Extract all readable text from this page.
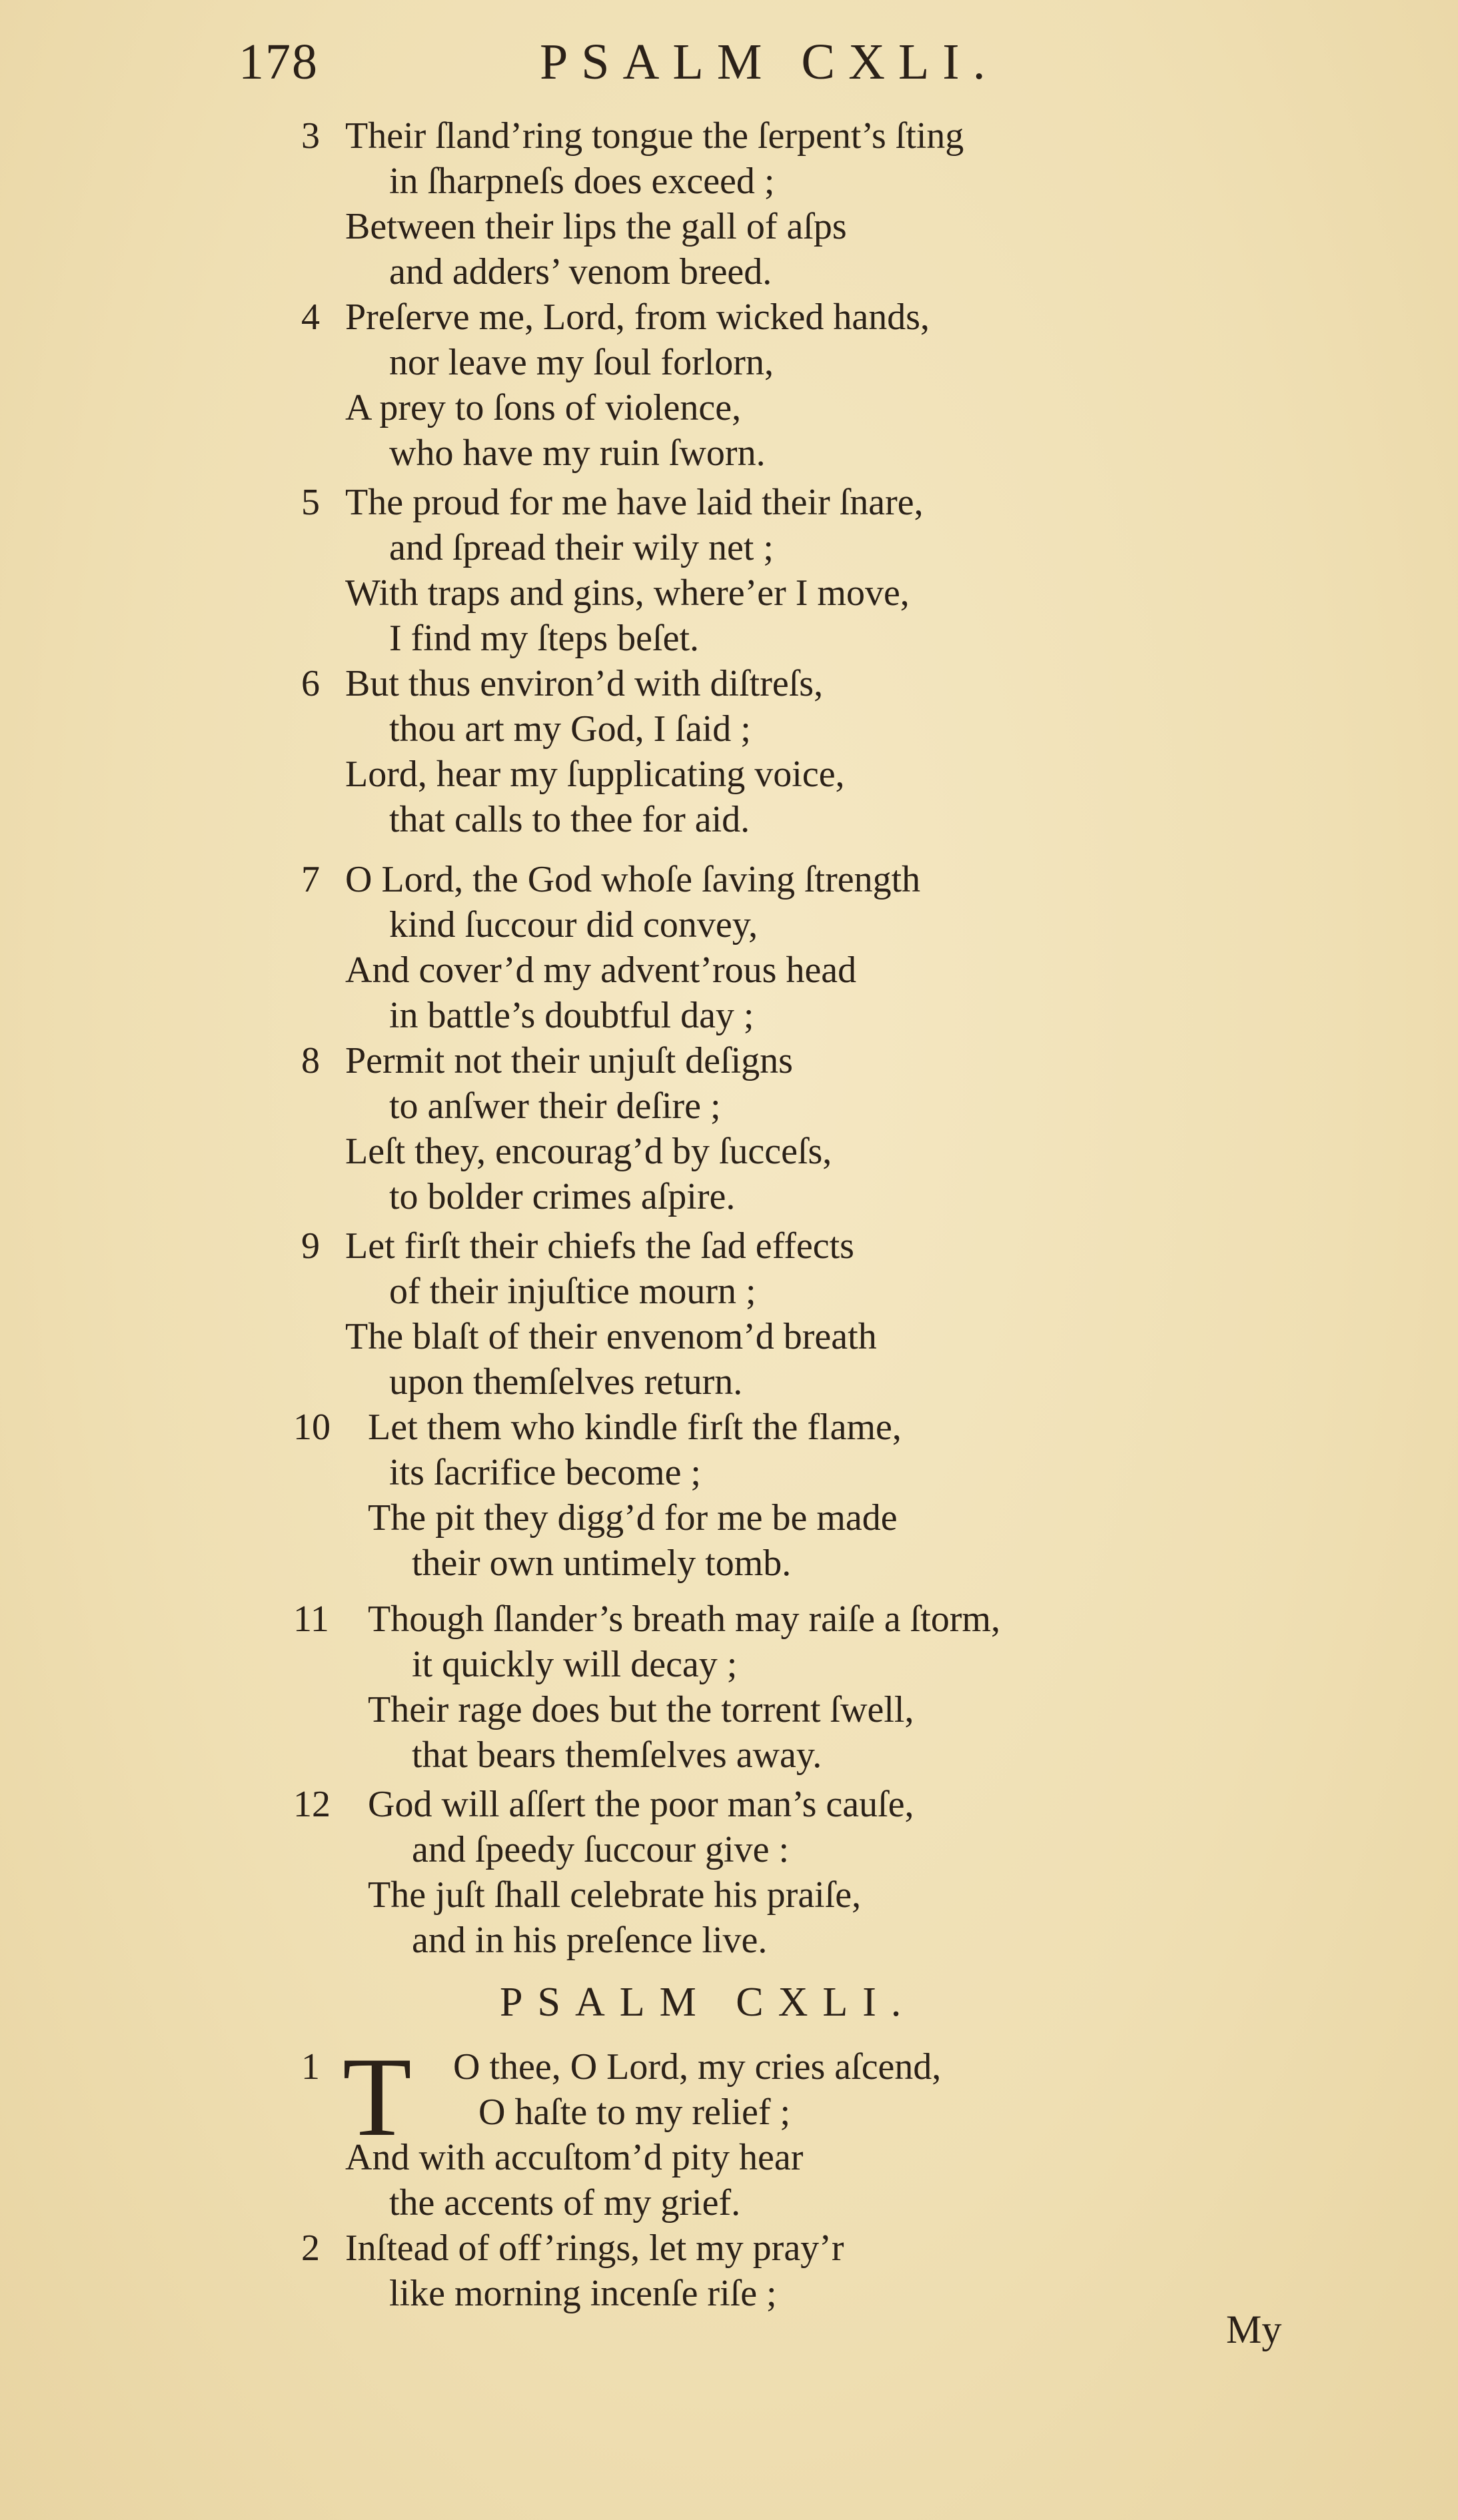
178	PSALM CXLI.
3 Their ſland’ring tongue the ſerpent’s ſting
in ſharpneſs does exceed ;
Between their lips the gall of aſps
and adders’ venom breed.
4 Preſerve me, Lord, from wicked hands,
nor leave my ſoul forlorn,
A prey to ſons of violence,
who have my ruin ſworn.
5 The proud for me have laid their ſnare,
and ſpread their wily net ;
With traps and gins, where’er I move,
I find my ſteps beſet.
6 But thus environ’d with diſtreſs,
thou art my God, I ſaid ;
Lord, hear my ſupplicating voice,
that calls to thee for aid.
7 O Lord, the God whoſe ſaving ſtrength
kind ſuccour did convey,
And cover’d my advent’rous head
in battle’s doubtful day ;
8 Permit not their unjuſt deſigns
to anſwer their deſire ;
Leſt they, encourag’d by ſucceſs,
to bolder crimes aſpire.
9 Let firſt their chiefs the ſad effects
of their injuſtice mourn ;
The blaſt of their envenom’d breath
upon themſelves return.
10 Let them who kindle firſt the flame,
its ſacrifice become ;
The pit they digg’d for me be made
their own untimely tomb.
11 Though ſlander’s breath may raiſe a ſtorm,
it quickly will decay ;
Their rage does but the torrent ſwell,
that bears themſelves away.
12 God will aſſert the poor man’s cauſe,
and ſpeedy ſuccour give :
The juſt ſhall celebrate his praiſe,
and in his preſence live.
PSALM CXLI.
1 T O thee, O Lord, my cries aſcend,
O haſte to my relief ;
And with accuſtom’d pity hear
the accents of my grief.
2 Inſtead of off’rings, let my pray’r
like morning incenſe riſe ;
My
